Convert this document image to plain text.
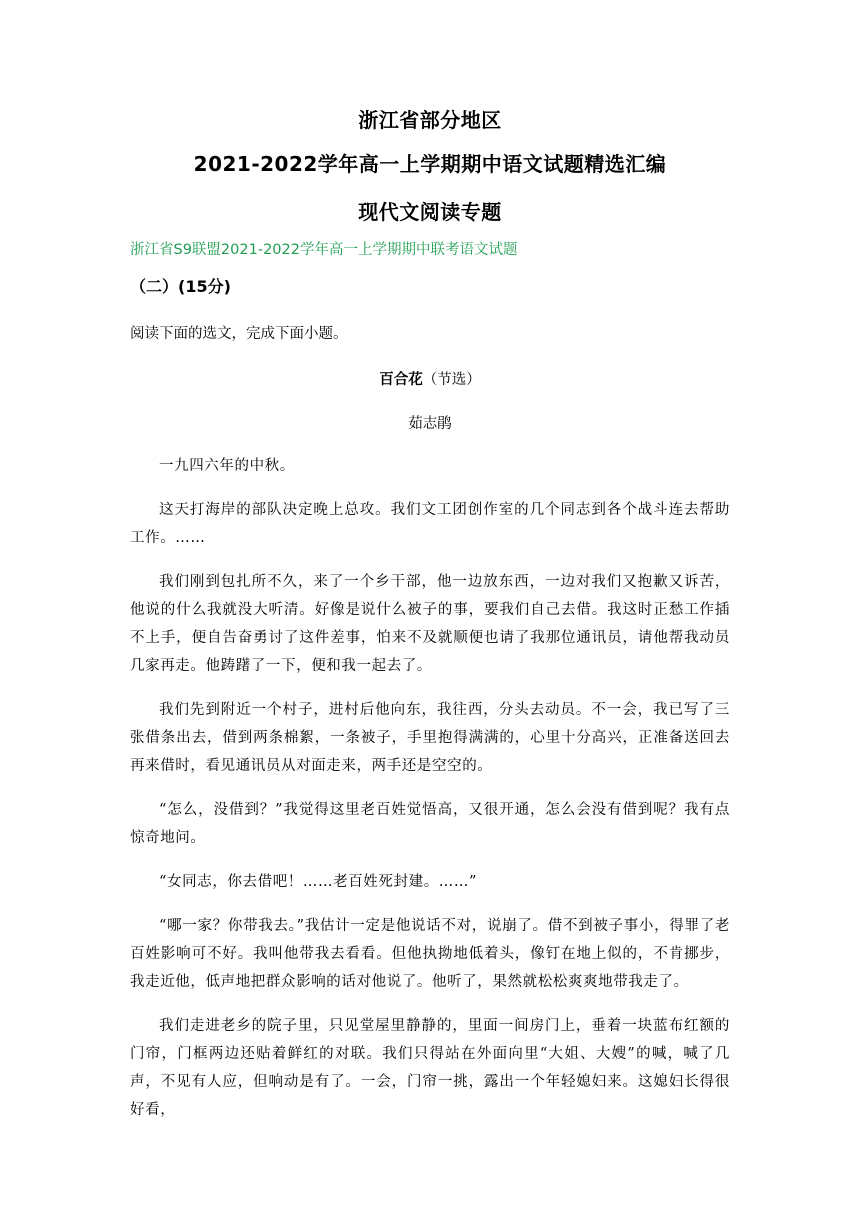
浙江省部分地区
2021-2022学年高一上学期期中语文试题精选汇编
现代文阅读专题
浙江省S9联盟2021-2022学年高一上学期期中联考语文试题
（二）(15分)
阅读下面的选文，完成下面小题。
百合花（节选）
茹志鹃

一九四六年的中秋。

这天打海岸的部队决定晚上总攻。我们文工团创作室的几个同志到各个战斗连去帮助工作。……

我们刚到包扎所不久，来了一个乡干部，他一边放东西，一边对我们又抱歉又诉苦，他说的什么我就没大听清。好像是说什么被子的事，要我们自己去借。我这时正愁工作插不上手，便自告奋勇讨了这件差事，怕来不及就顺便也请了我那位通讯员，请他帮我动员几家再走。他踌躇了一下，便和我一起去了。

我们先到附近一个村子，进村后他向东，我往西，分头去动员。不一会，我已写了三张借条出去，借到两条棉絮，一条被子，手里抱得满满的，心里十分高兴，正准备送回去再来借时，看见通讯员从对面走来，两手还是空空的。

“怎么，没借到？”我觉得这里老百姓觉悟高，又很开通，怎么会没有借到呢？我有点惊奇地问。

“女同志，你去借吧！……老百姓死封建。……”

“哪一家？你带我去。”我估计一定是他说话不对，说崩了。借不到被子事小，得罪了老百姓影响可不好。我叫他带我去看看。但他执拗地低着头，像钉在地上似的，不肯挪步，我走近他，低声地把群众影响的话对他说了。他听了，果然就松松爽爽地带我走了。

我们走进老乡的院子里，只见堂屋里静静的，里面一间房门上，垂着一块蓝布红额的门帘，门框两边还贴着鲜红的对联。我们只得站在外面向里“大姐、大嫂”的喊，喊了几声，不见有人应，但响动是有了。一会，门帘一挑，露出一个年轻媳妇来。这媳妇长得很好看，
